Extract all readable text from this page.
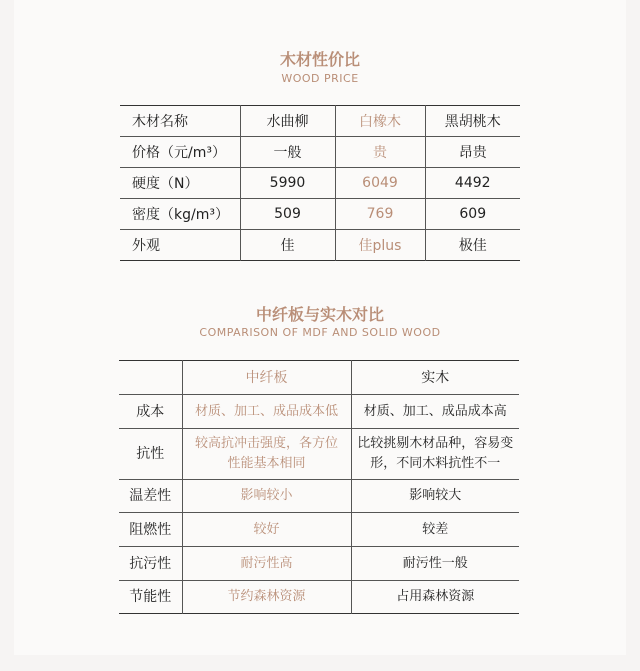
木材性价比
WOOD PRICE
木材名称	水曲柳	白橡木	黑胡桃木
价格（元/m³）	一般	贵	昂贵
硬度（N）	5990	6049	4492
密度（kg/m³）	509	769	609
外观	佳	佳plus	极佳
中纤板与实木对比
COMPARISON OF MDF AND SOLID WOOD
	中纤板	实木
成本	材质、加工、成品成本低	材质、加工、成品成本高
抗性	较高抗冲击强度，各方位性能基本相同	比较挑剔木材品种，容易变形，不同木料抗性不一
温差性	影响较小	影响较大
阻燃性	较好	较差
抗污性	耐污性高	耐污性一般
节能性	节约森林资源	占用森林资源
